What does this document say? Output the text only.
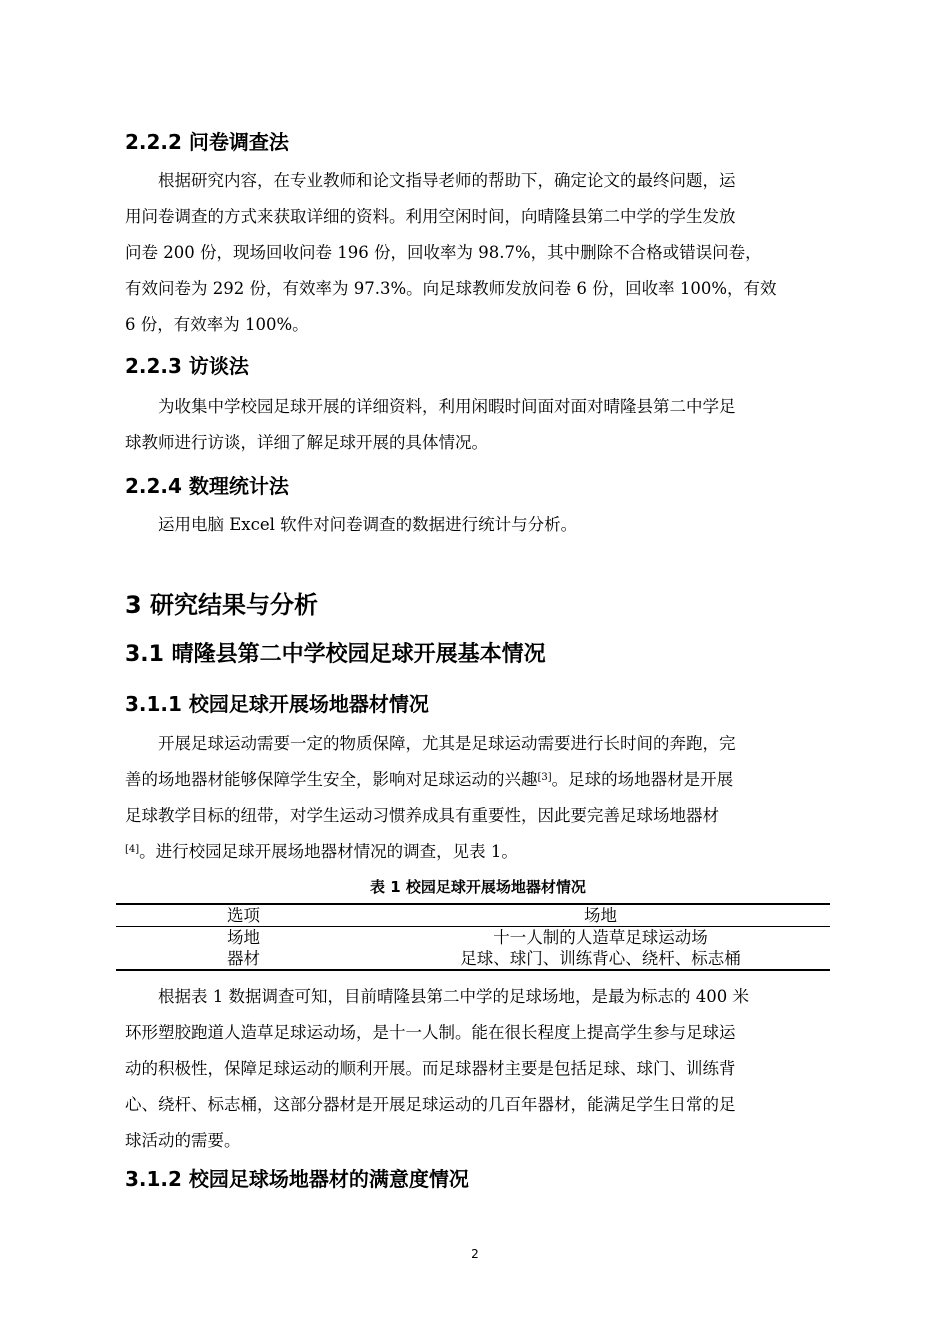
2.2.2 问卷调查法
根据研究内容，在专业教师和论文指导老师的帮助下，确定论文的最终问题，运
用问卷调查的方式来获取详细的资料。利用空闲时间，向晴隆县第二中学的学生发放
问卷 200 份，现场回收问卷 196 份，回收率为 98.7%，其中删除不合格或错误问卷，
有效问卷为 292 份，有效率为 97.3%。向足球教师发放问卷 6 份，回收率 100%，有效
6 份，有效率为 100%。
2.2.3 访谈法
为收集中学校园足球开展的详细资料，利用闲暇时间面对面对晴隆县第二中学足
球教师进行访谈，详细了解足球开展的具体情况。
2.2.4 数理统计法
运用电脑 Excel 软件对问卷调查的数据进行统计与分析。
3 研究结果与分析
3.1 晴隆县第二中学校园足球开展基本情况
3.1.1 校园足球开展场地器材情况
开展足球运动需要一定的物质保障，尤其是足球运动需要进行长时间的奔跑，完
善的场地器材能够保障学生安全，影响对足球运动的兴趣[3]。足球的场地器材是开展
足球教学目标的纽带，对学生运动习惯养成具有重要性，因此要完善足球场地器材
[4]。进行校园足球开展场地器材情况的调查，见表 1。
表 1 校园足球开展场地器材情况
选项	场地
场地	十一人制的人造草足球运动场
器材	足球、球门、训练背心、绕杆、标志桶
根据表 1 数据调查可知，目前晴隆县第二中学的足球场地，是最为标志的 400 米
环形塑胶跑道人造草足球运动场，是十一人制。能在很长程度上提高学生参与足球运
动的积极性，保障足球运动的顺利开展。而足球器材主要是包括足球、球门、训练背
心、绕杆、标志桶，这部分器材是开展足球运动的几百年器材，能满足学生日常的足
球活动的需要。
3.1.2 校园足球场地器材的满意度情况
2
